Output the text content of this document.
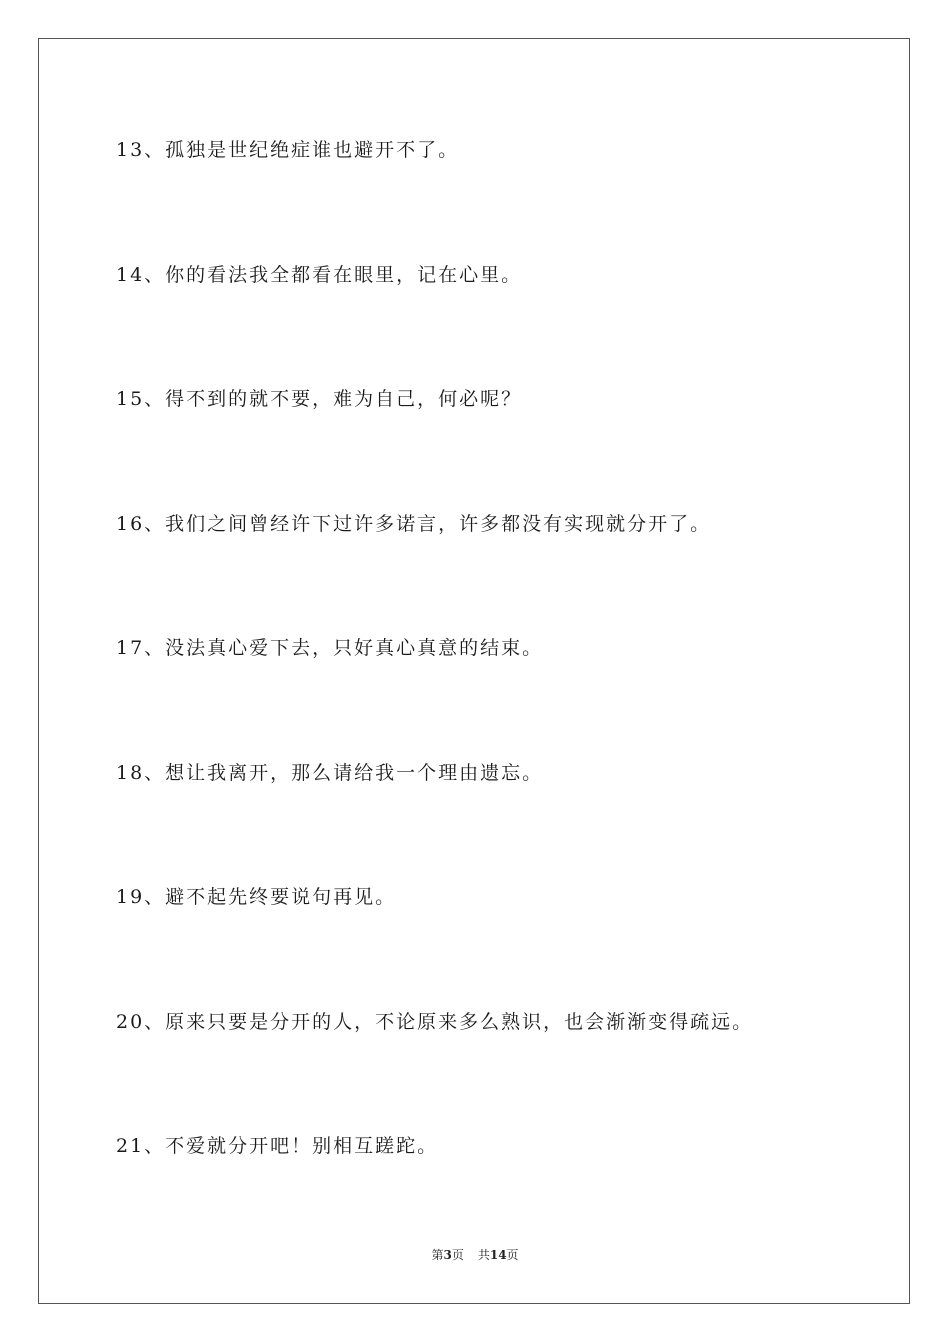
13、孤独是世纪绝症谁也避开不了。
14、你的看法我全都看在眼里，记在心里。
15、得不到的就不要，难为自己，何必呢？
16、我们之间曾经许下过许多诺言，许多都没有实现就分开了。
17、没法真心爱下去，只好真心真意的结束。
18、想让我离开，那么请给我一个理由遗忘。
19、避不起先终要说句再见。
20、原来只要是分开的人，不论原来多么熟识，也会渐渐变得疏远。
21、不爱就分开吧！别相互蹉跎。
第3页 共14页
